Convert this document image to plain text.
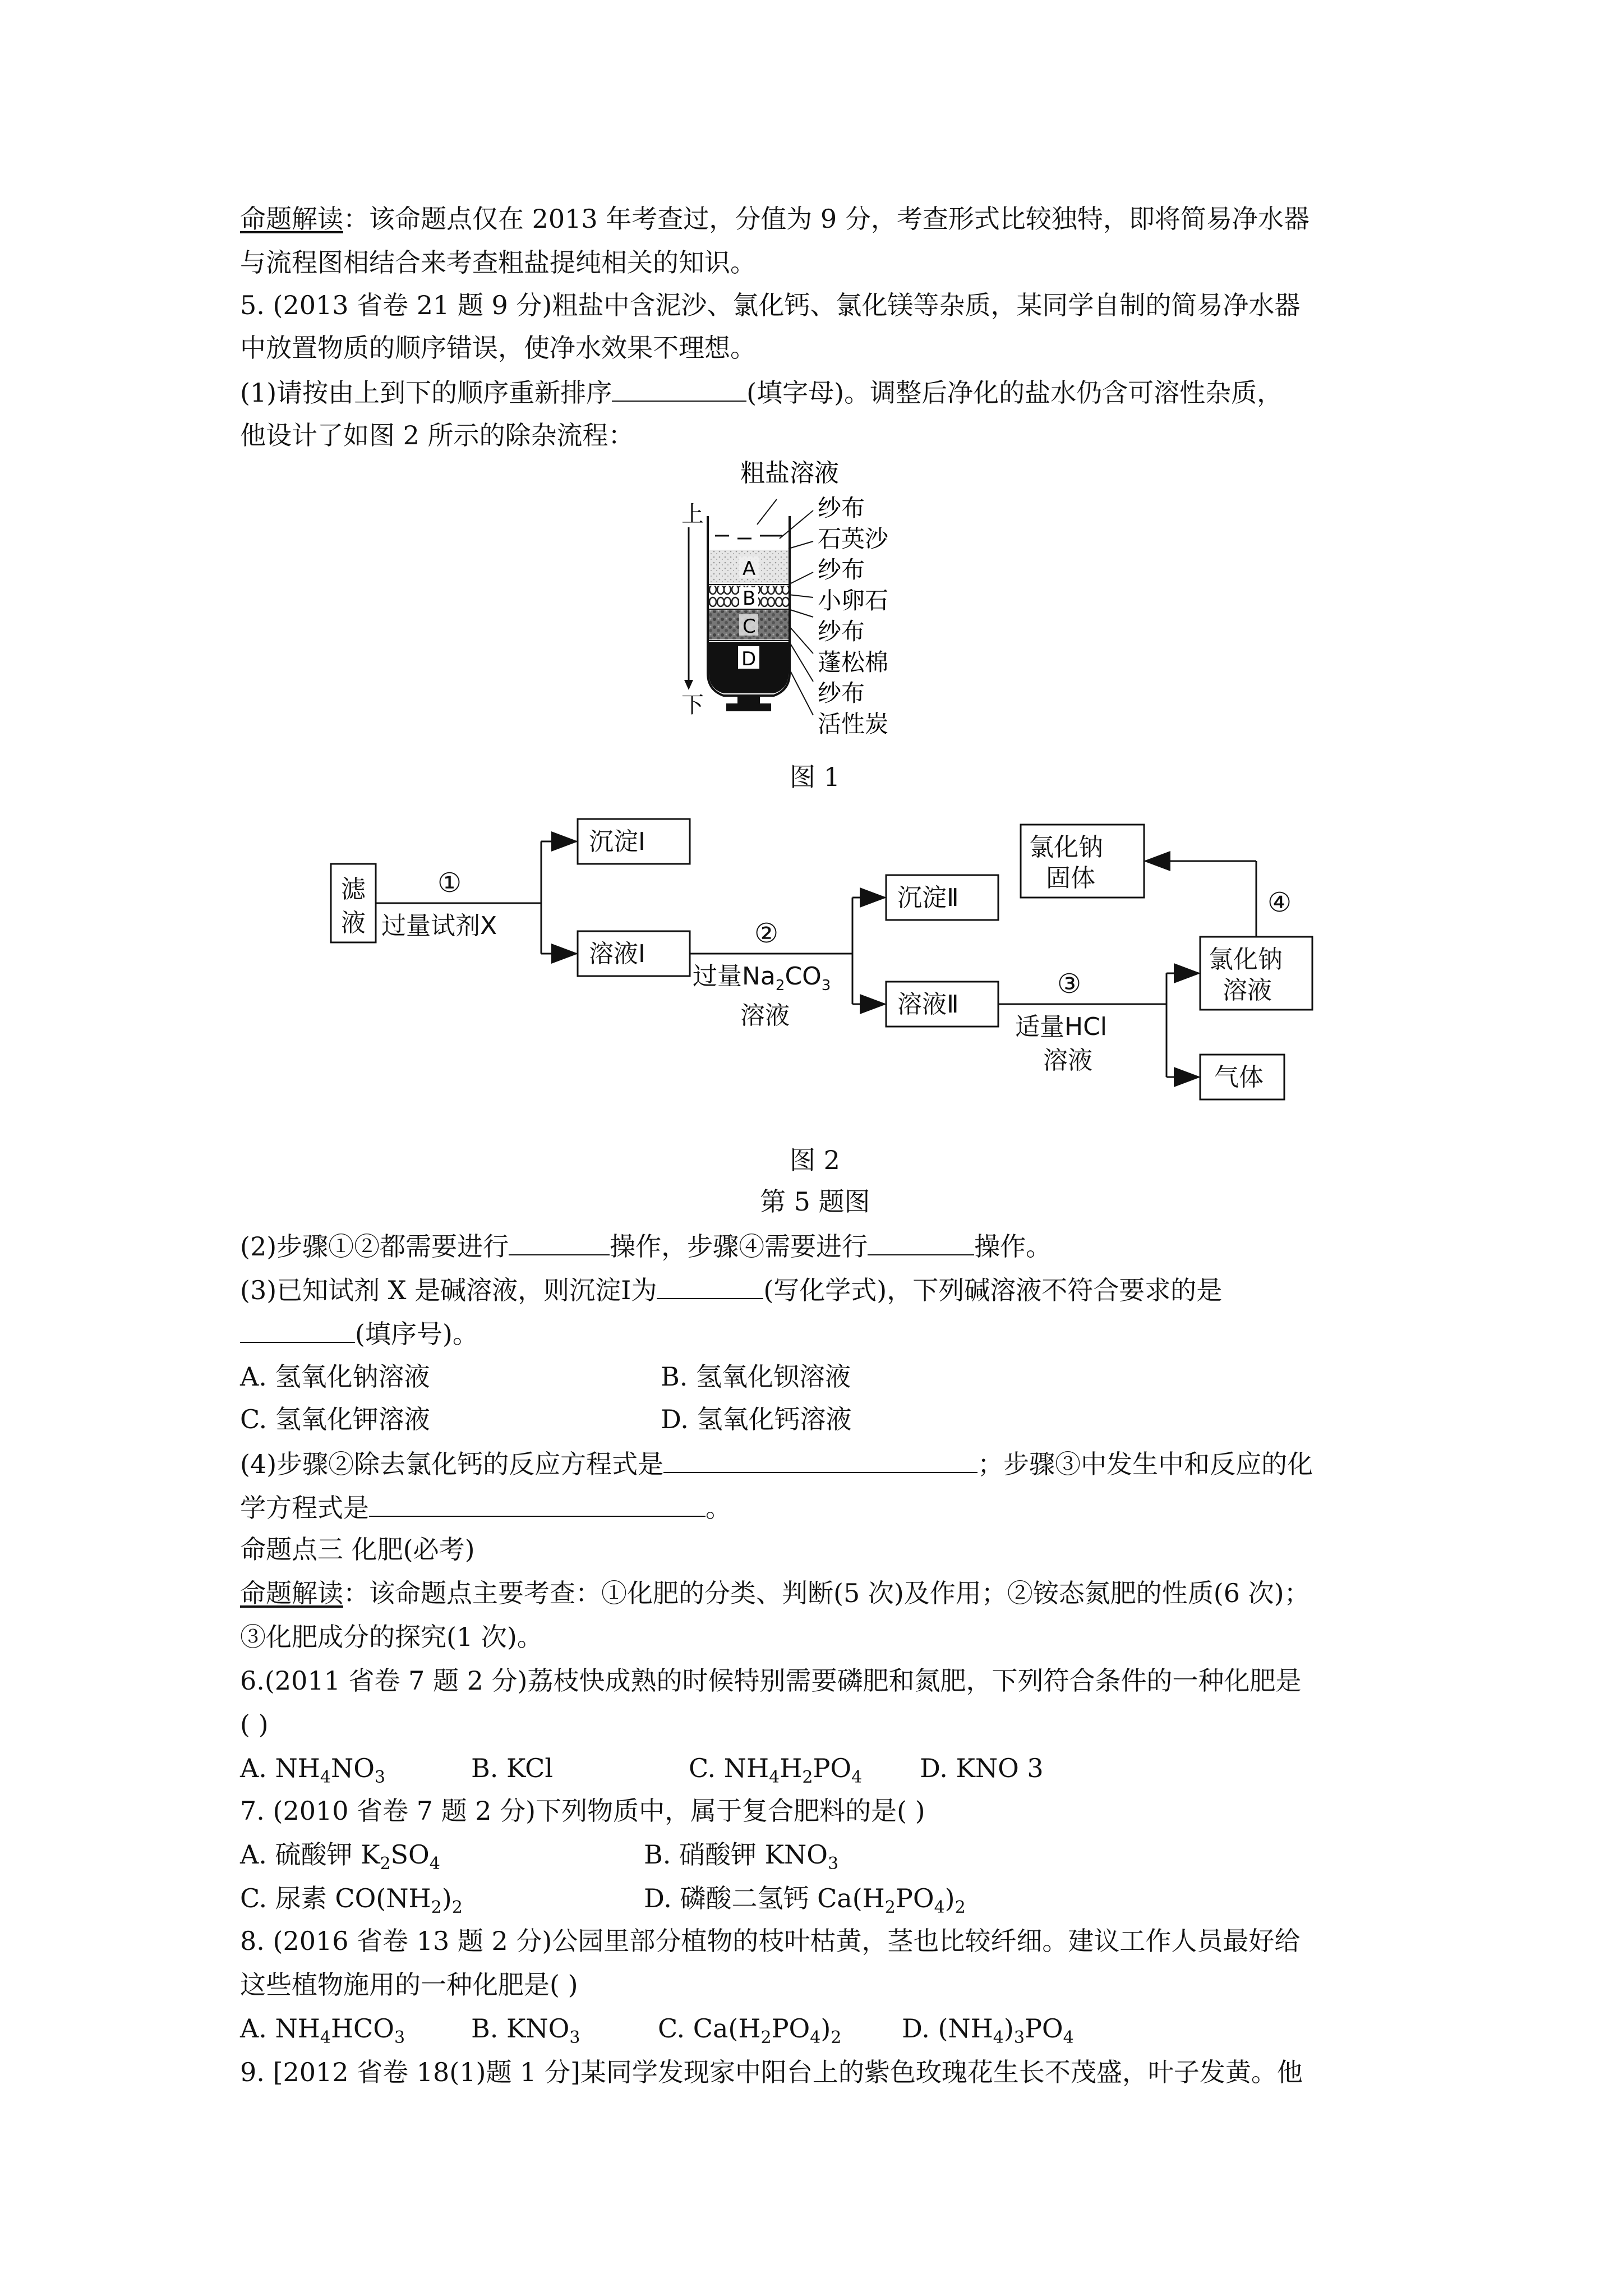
命题解读：该命题点仅在 2013 年考查过，分值为 9 分，考查形式比较独特，即将简易净水器
与流程图相结合来考查粗盐提纯相关的知识。
5. (2013 省卷 21 题 9 分)粗盐中含泥沙、氯化钙、氯化镁等杂质，某同学自制的简易净水器
中放置物质的顺序错误，使净水效果不理想。
(1)请按由上到下的顺序重新排序	(填字母)。调整后净化的盐水仍含可溶性杂质，
他设计了如图 2 所示的除杂流程：
粗盐溶液
上
下
A
B
C
D
纱布
石英沙
纱布
小卵石
纱布
蓬松棉
纱布
活性炭
图 1
滤
液
①
过量试剂X
沉淀Ⅰ
溶液Ⅰ
②
过量$Na_2CO_3$
溶液
沉淀Ⅱ
溶液Ⅱ
③
适量HCl
溶液
氯化钠
溶液
气体
④
氯化钠
固体
图 2
第 5 题图
(2)步骤①②都需要进行	操作，步骤④需要进行	操作。
(3)已知试剂 X 是碱溶液，则沉淀Ⅰ为	(写化学式)，下列碱溶液不符合要求的是
(填序号)。
A. 氢氧化钠溶液	B. 氢氧化钡溶液
C. 氢氧化钾溶液	D. 氢氧化钙溶液
(4)步骤②除去氯化钙的反应方程式是	；步骤③中发生中和反应的化
学方程式是	。
命题点三 化肥(必考)
命题解读：该命题点主要考查：①化肥的分类、判断(5 次)及作用；②铵态氮肥的性质(6 次)；
③化肥成分的探究(1 次)。
6.(2011 省卷 7 题 2 分)荔枝快成熟的时候特别需要磷肥和氮肥，下列符合条件的一种化肥是
( )
A. $NH_4NO_3$	B. KCl	C. $NH_4H_2PO_4$ D. KNO 3
7. (2010 省卷 7 题 2 分)下列物质中，属于复合肥料的是( )
A. 硫酸钾 $K_2SO_4$	B. 硝酸钾 $KNO_3$
C. 尿素 $CO(NH_2)_2$	D. 磷酸二氢钙 $Ca(H_2PO_4)_2$
8. (2016 省卷 13 题 2 分)公园里部分植物的枝叶枯黄，茎也比较纤细。建议工作人员最好给
这些植物施用的一种化肥是( )
A. $NH_4HCO_3$	B. $KNO_3$	C. $Ca(H_2PO_4)_2$ D. $(NH_4)_3PO_4$
9. [2012 省卷 18(1)题 1 分]某同学发现家中阳台上的紫色玫瑰花生长不茂盛，叶子发黄。他
